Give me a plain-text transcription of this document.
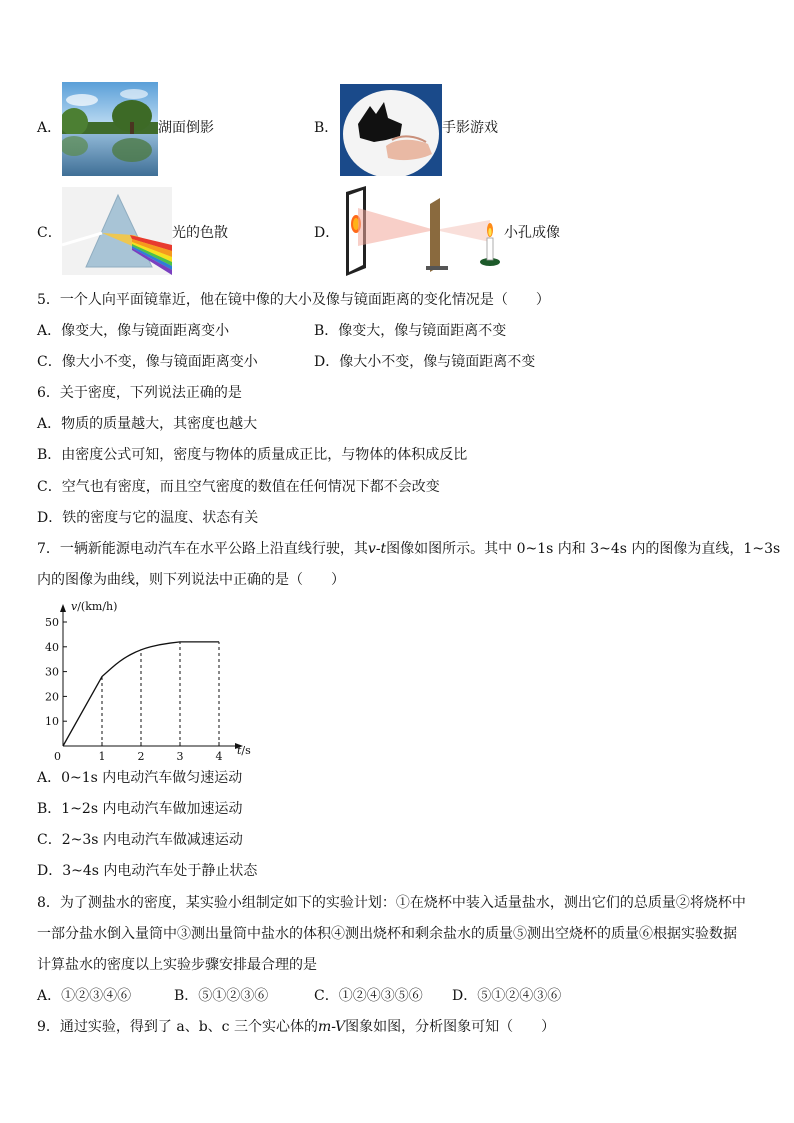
A．	湖面倒影	B．	手影游戏
C．	光的色散	D．	小孔成像
5．一个人向平面镜靠近，他在镜中像的大小及像与镜面距离的变化情况是（　　）
A．像变大，像与镜面距离变小	B．像变大，像与镜面距离不变
C．像大小不变，像与镜面距离变小	D．像大小不变，像与镜面距离不变
6．关于密度，下列说法正确的是
A．物质的质量越大，其密度也越大
B．由密度公式可知，密度与物体的质量成正比，与物体的体积成反比
C．空气也有密度，而且空气密度的数值在任何情况下都不会改变
D．铁的密度与它的温度、状态有关
7．一辆新能源电动汽车在水平公路上沿直线行驶，其v-t图像如图所示。其中 0~1s 内和 3~4s 内的图像为直线，1~3s
内的图像为曲线，则下列说法中正确的是（　　）
10
20
30
40
50
1	2	3	4
0
v/(km/h)
t/s
A．0~1s 内电动汽车做匀速运动
B．1~2s 内电动汽车做加速运动
C．2~3s 内电动汽车做减速运动
D．3~4s 内电动汽车处于静止状态
8．为了测盐水的密度，某实验小组制定如下的实验计划：①在烧杯中装入适量盐水，测出它们的总质量②将烧杯中
一部分盐水倒入量筒中③测出量筒中盐水的体积④测出烧杯和剩余盐水的质量⑤测出空烧杯的质量⑥根据实验数据
计算盐水的密度以上实验步骤安排最合理的是
A．①②③④⑥	B．⑤①②③⑥	C．①②④③⑤⑥ D．⑤①②④③⑥
9．通过实验，得到了 a、b、c 三个实心体的m-V图象如图，分析图象可知（　　）
